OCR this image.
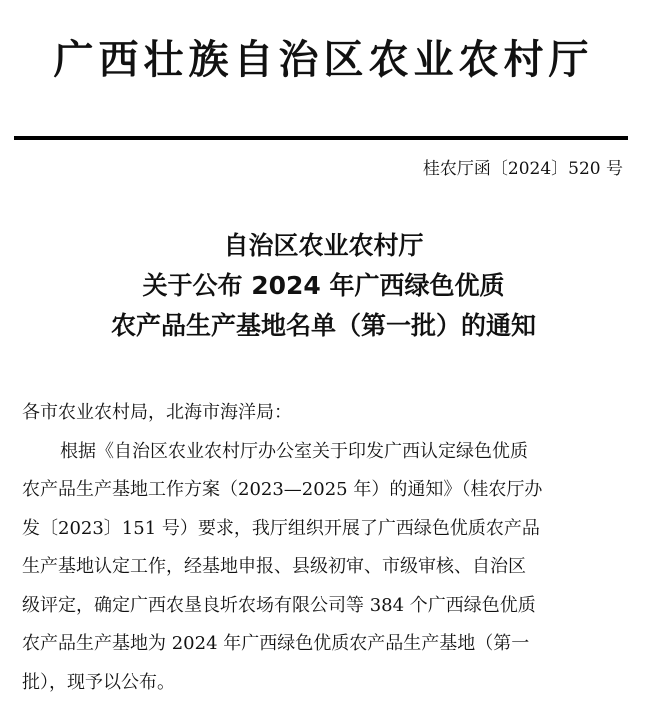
广西壮族自治区农业农村厅
桂农厅函〔2024〕520 号
自治区农业农村厅
关于公布 2024 年广西绿色优质
农产品生产基地名单（第一批）的通知

各市农业农村局，北海市海洋局：

根据《自治区农业农村厅办公室关于印发广西认定绿色优质

农产品生产基地工作方案（2023—2025 年）的通知》（桂农厅办

发〔2023〕151 号）要求，我厅组织开展了广西绿色优质农产品

生产基地认定工作，经基地申报、县级初审、市级审核、自治区

级评定，确定广西农垦良圻农场有限公司等 384 个广西绿色优质

农产品生产基地为 2024 年广西绿色优质农产品生产基地（第一

批），现予以公布。
